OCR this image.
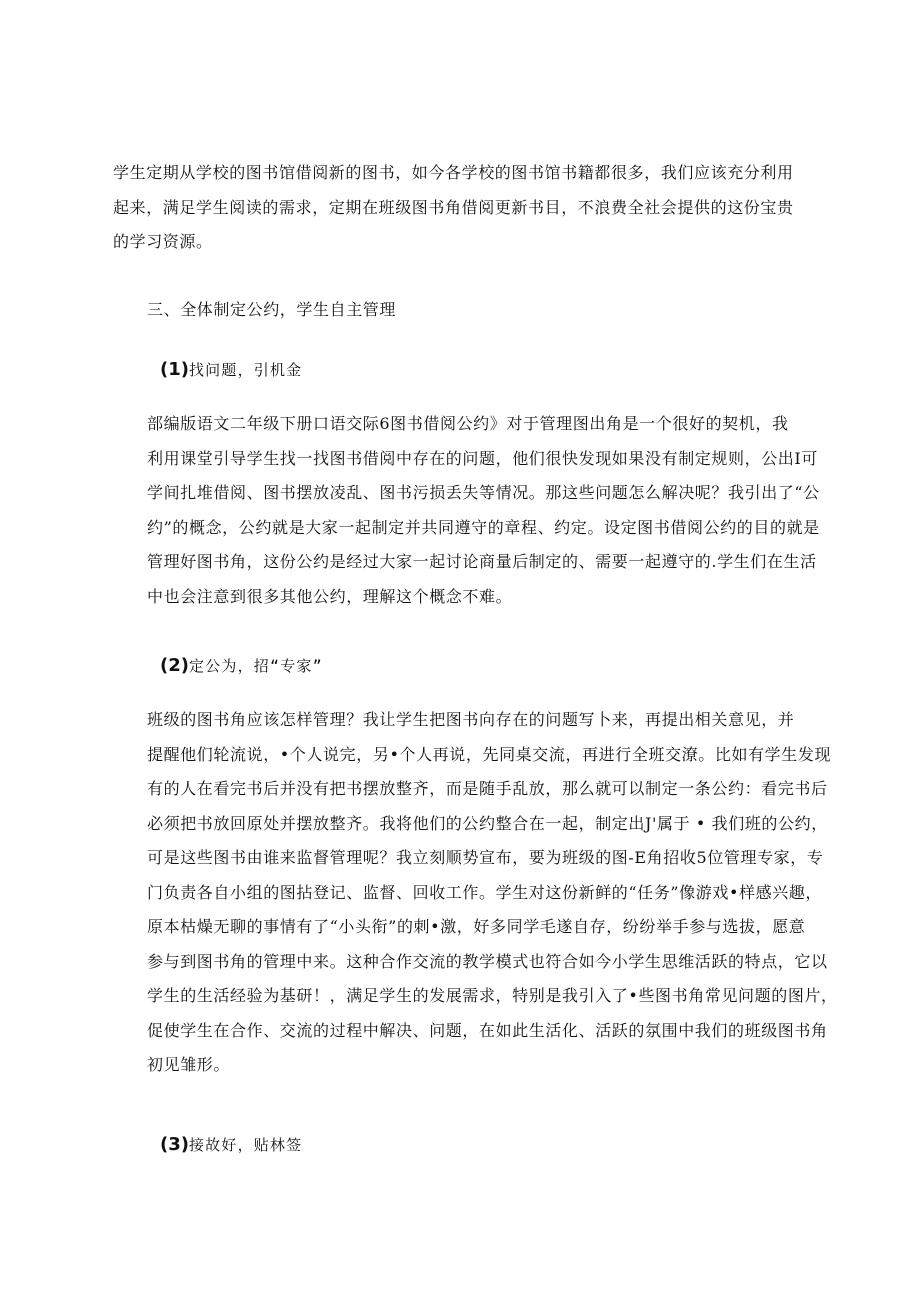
学生定期从学校的图书馆借阅新的图书，如今各学校的图书馆书籍都很多，我们应该充分利用
起来，满足学生阅读的需求，定期在班级图书角借阅更新书目，不浪费全社会提供的这份宝贵
的学习资源。

三、全体制定公约，学生自主管理

(1)找问题，引机金

部编版语文二年级下册口语交际6图书借阅公约》对于管理图出角是一个很好的契机，我
利用课堂引导学生找一找图书借阅中存在的问题，他们很快发现如果没有制定规则，公出Ⅰ可
学间扎堆借阅、图书摆放凌乱、图书污损丢失等情况。那这些问题怎么解决呢？我引出了“公
约”的概念，公约就是大家一起制定并共同遵守的章程、约定。设定图书借阅公约的目的就是
管理好图书角，这份公约是经过大家一起讨论商量后制定的、需要一起遵守的.学生们在生活
中也会注意到很多其他公约，理解这个概念不难。

(2)定公为，招“专家”

班级的图书角应该怎样管理？我让学生把图书向存在的问题写卜来，再提出相关意见，并
提醒他们轮流说，•个人说完，另•个人再说，先同桌交流，再进行全班交潦。比如有学生发现
有的人在看完书后并没有把书摆放整齐，而是随手乱放，那么就可以制定一条公约：看完书后
必须把书放回原处并摆放整齐。我将他们的公约整合在一起，制定出J'属于 • 我们班的公约，
可是这些图书由谁来监督管理呢？我立刻顺势宣布，要为班级的图-E角招收5位管理专家，专
门负责各自小组的图拈登记、监督、回收工作。学生对这份新鲜的“任务”像游戏•样感兴趣，
原本枯燥无聊的事情有了“小头衔”的刺•激，好多同学毛遂自存，纷纷举手参与选拔，愿意
参与到图书角的管理中来。这种合作交流的教学模式也符合如今小学生思维活跃的特点，它以
学生的生活经验为基研！，满足学生的发展需求，特别是我引入了•些图书角常见问题的图片，
促使学生在合作、交流的过程中解决、问题，在如此生活化、活跃的氛围中我们的班级图书角
初见雏形。

(3)接故好，贴林签
